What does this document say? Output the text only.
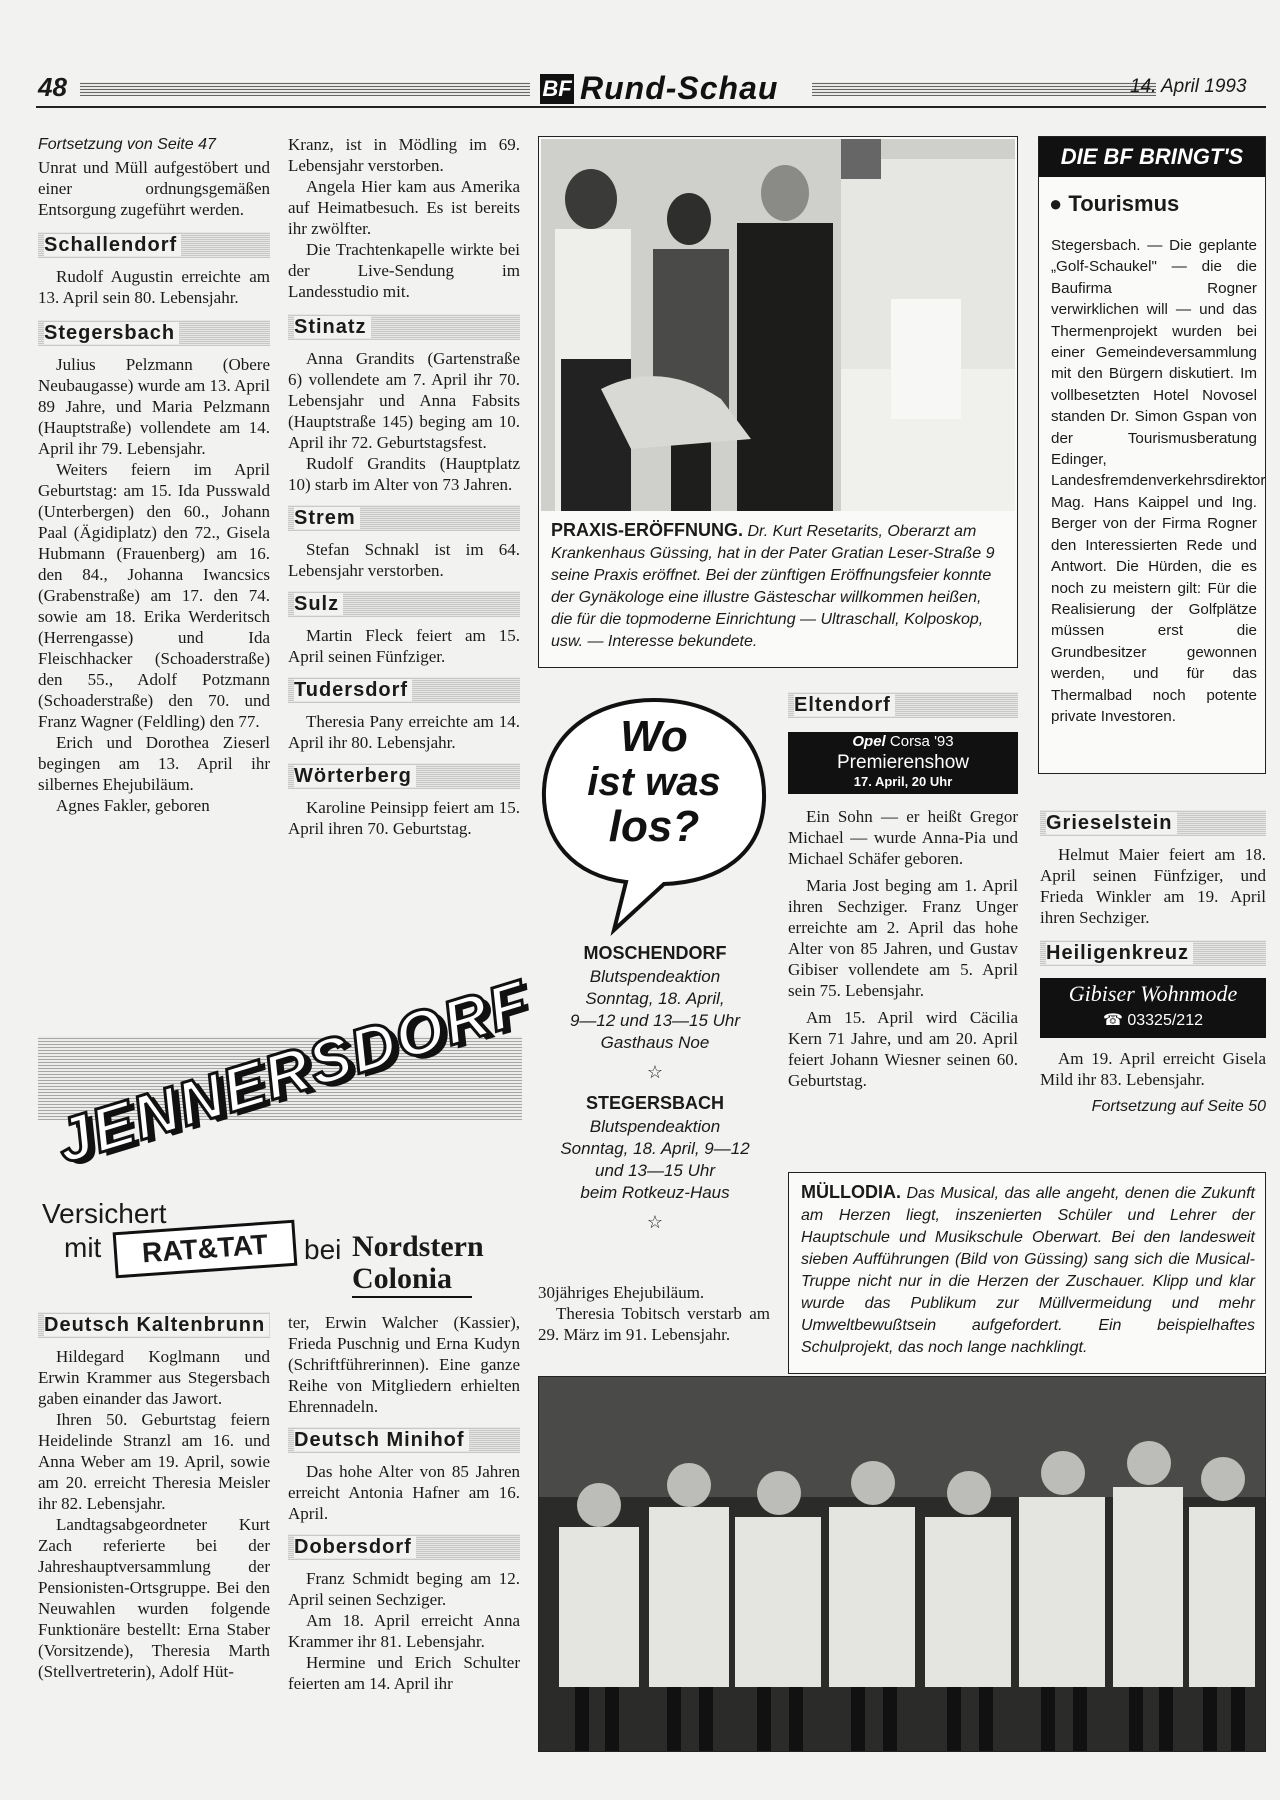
48	BF Rund-Schau	14. April 1993

Fortsetzung von Seite 47

Unrat und Müll aufgestöbert und einer ordnungsgemäßen Entsorgung zugeführt werden.

Schallendorf

Rudolf Augustin erreichte am 13. April sein 80. Lebensjahr.

Stegersbach

Julius Pelzmann (Obere Neubaugasse) wurde am 13. April 89 Jahre, und Maria Pelzmann (Hauptstraße) vollendete am 14. April ihr 79. Lebensjahr.

Weiters feiern im April Geburtstag: am 15. Ida Pusswald (Unterbergen) den 60., Johann Paal (Ägidiplatz) den 72., Gisela Hubmann (Frauenberg) am 16. den 84., Johanna Iwancsics (Grabenstraße) am 17. den 74. sowie am 18. Erika Werderitsch (Herrengasse) und Ida Fleischhacker (Schoaderstraße) den 55., Adolf Potzmann (Schoaderstraße) den 70. und Franz Wagner (Feldling) den 77.

Erich und Dorothea Zieserl begingen am 13. April ihr silbernes Ehejubiläum.

Agnes Fakler, geboren

Kranz, ist in Mödling im 69. Lebensjahr verstorben.

Angela Hier kam aus Amerika auf Heimatbesuch. Es ist bereits ihr zwölfter.

Die Trachtenkapelle wirkte bei der Live-Sendung im Landesstudio mit.

Stinatz

Anna Grandits (Gartenstraße 6) vollendete am 7. April ihr 70. Lebensjahr und Anna Fabsits (Hauptstraße 145) beging am 10. April ihr 72. Geburtstagsfest.

Rudolf Grandits (Hauptplatz 10) starb im Alter von 73 Jahren.

Strem

Stefan Schnakl ist im 64. Lebensjahr verstorben.

Sulz

Martin Fleck feiert am 15. April seinen Fünfziger.

Tudersdorf

Theresia Pany erreichte am 14. April ihr 80. Lebensjahr.

Wörterberg

Karoline Peinsipp feiert am 15. April ihren 70. Geburtstag.

PRAXIS-ERÖFFNUNG. Dr. Kurt Resetarits, Oberarzt am Krankenhaus Güssing, hat in der Pater Gratian Leser-Straße 9 seine Praxis eröffnet. Bei der zünftigen Eröffnungsfeier konnte der Gynäkologe eine illustre Gästeschar willkommen heißen, die für die topmoderne Einrichtung — Ultraschall, Kolposkop, usw. — Interesse bekundete.
DIE BF BRINGT'S
● Tourismus
Stegersbach. — Die geplante „Golf-Schaukel" — die die Baufirma Rogner verwirklichen will — und das Thermenprojekt wurden bei einer Gemeindeversammlung mit den Bürgern diskutiert. Im vollbesetzten Hotel Novosel standen Dr. Simon Gspan von der Tourismusberatung Edinger, Landesfremdenverkehrsdirektor Mag. Hans Kaippel und Ing. Berger von der Firma Rogner den Interessierten Rede und Antwort. Die Hürden, die es noch zu meistern gilt: Für die Realisierung der Golfplätze müssen erst die Grundbesitzer gewonnen werden, und für das Thermalbad noch potente private Investoren.
Grieselstein

Helmut Maier feiert am 18. April seinen Fünfziger, und Frieda Winkler am 19. April ihren Sechziger.

Heiligenkreuz
Gibiser Wohnmode
☎ 03325/212

Am 19. April erreicht Gisela Mild ihr 83. Lebensjahr.

Fortsetzung auf Seite 50

Wo
ist was
los?
MOSCHENDORF
Blutspendeaktion
Sonntag, 18. April,
9—12 und 13—15 Uhr
Gasthaus Noe
☆
STEGERSBACH
Blutspendeaktion
Sonntag, 18. April, 9—12
und 13—15 Uhr
beim Rotkeuz-Haus
☆

30jähriges Ehejubiläum.

Theresia Tobitsch verstarb am 29. März im 91. Lebensjahr.

Eltendorf
Opel Corsa '93
Premierenshow
17. April, 20 Uhr

Ein Sohn — er heißt Gregor Michael — wurde Anna-Pia und Michael Schäfer geboren.

Maria Jost beging am 1. April ihren Sechziger. Franz Unger erreichte am 2. April das hohe Alter von 85 Jahren, und Gustav Gibiser vollendete am 5. April sein 75. Lebensjahr.

Am 15. April wird Cäcilia Kern 71 Jahre, und am 20. April feiert Johann Wiesner seinen 60. Geburtstag.

JENNERSDORF
Versichert
mit	RAT&TAT	bei Nordstern
Colonia
Deutsch Kaltenbrunn

Hildegard Koglmann und Erwin Krammer aus Stegersbach gaben einander das Jawort.

Ihren 50. Geburtstag feiern Heidelinde Stranzl am 16. und Anna Weber am 19. April, sowie am 20. erreicht Theresia Meisler ihr 82. Lebensjahr.

Landtagsabgeordneter Kurt Zach referierte bei der Jahreshauptversammlung der Pensionisten-Ortsgruppe. Bei den Neuwahlen wurden folgende Funktionäre bestellt: Erna Staber (Vorsitzende), Theresia Marth (Stellvertreterin), Adolf Hüt-

ter, Erwin Walcher (Kassier), Frieda Puschnig und Erna Kudyn (Schriftführerinnen). Eine ganze Reihe von Mitgliedern erhielten Ehrennadeln.

Deutsch Minihof

Das hohe Alter von 85 Jahren erreicht Antonia Hafner am 16. April.

Dobersdorf

Franz Schmidt beging am 12. April seinen Sechziger.

Am 18. April erreicht Anna Krammer ihr 81. Lebensjahr.

Hermine und Erich Schulter feierten am 14. April ihr

MÜLLODIA. Das Musical, das alle angeht, denen die Zukunft am Herzen liegt, inszenierten Schüler und Lehrer der Hauptschule und Musikschule Oberwart. Bei den landesweit sieben Aufführungen (Bild von Güssing) sang sich die Musical-Truppe nicht nur in die Herzen der Zuschauer. Klipp und klar wurde das Publikum zur Müllvermeidung und mehr Umweltbewußtsein aufgefordert. Ein beispielhaftes Schulprojekt, das noch lange nachklingt.
